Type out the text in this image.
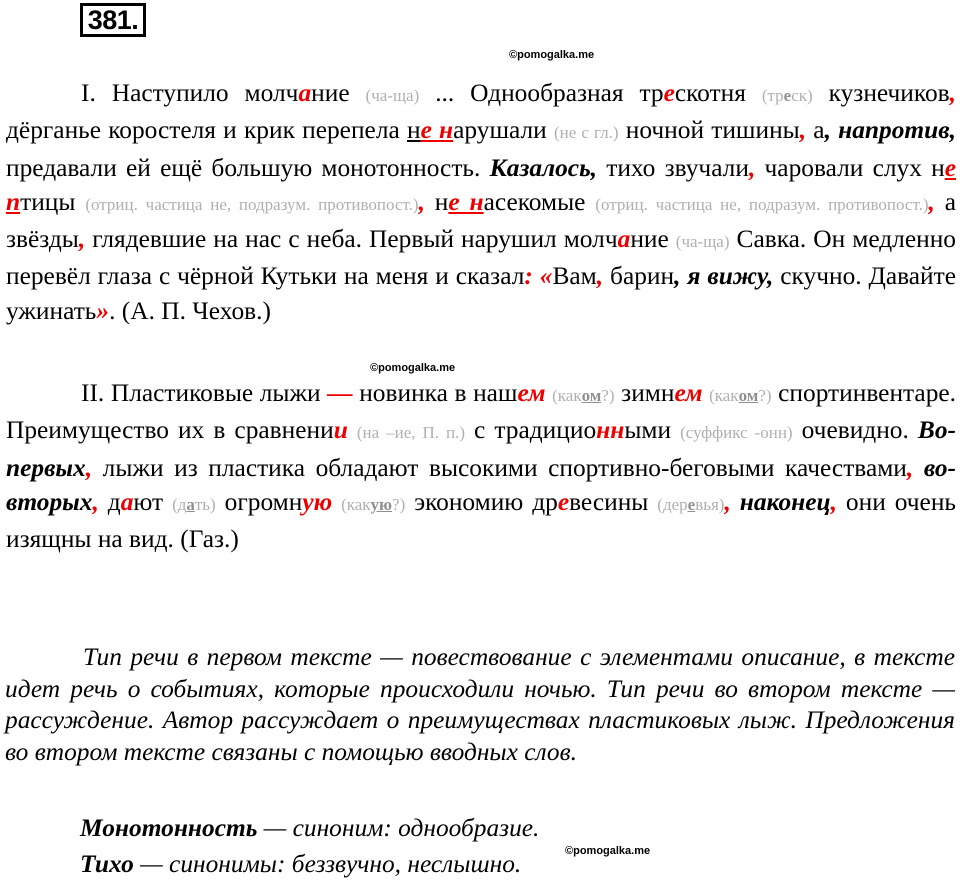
381.
©pomogalka.me
©pomogalka.me
©pomogalka.me

I. Наступило молчание (ча-ща) ... Однообразная трескотня (треск) кузнечиков, дёрганье коростеля и крик перепела не нарушали (не с гл.) ночной тишины, а, напротив, предавали ей ещё большую монотонность. Казалось, тихо звучали, чаровали слух не птицы (отриц. частица не, подразум. противопост.), не насекомые (отриц. частица не, подразум. противопост.), а звёзды, глядевшие на нас с неба. Первый нарушил молчание (ча-ща) Савка. Он медленно перевёл глаза с чёрной Кутьки на меня и сказал: «Вам, барин, я вижу, скучно. Давайте ужинать». (А. П. Чехов.)

II. Пластиковые лыжи — новинка в нашем (каком?) зимнем (каком?) спортинвентаре. Преимущество их в сравнении (на –ие, П. п.) с традиционными (суффикс -онн) очевидно. Во-первых, лыжи из пластика обладают высокими спортивно-беговыми качествами, во-вторых, дают (дать) огромную (какую?) экономию древесины (деревья), наконец, они очень изящны на вид. (Газ.)

Тип речи в первом тексте — повествование с элементами описание, в тексте идет речь о событиях, которые происходили ночью. Тип речи во втором тексте — рассуждение. Автор рассуждает о преимуществах пластиковых лыж. Предложения во втором тексте связаны с помощью вводных слов.

Монотонность — синоним: однообразие.

Тихо — синонимы: беззвучно, неслышно.
